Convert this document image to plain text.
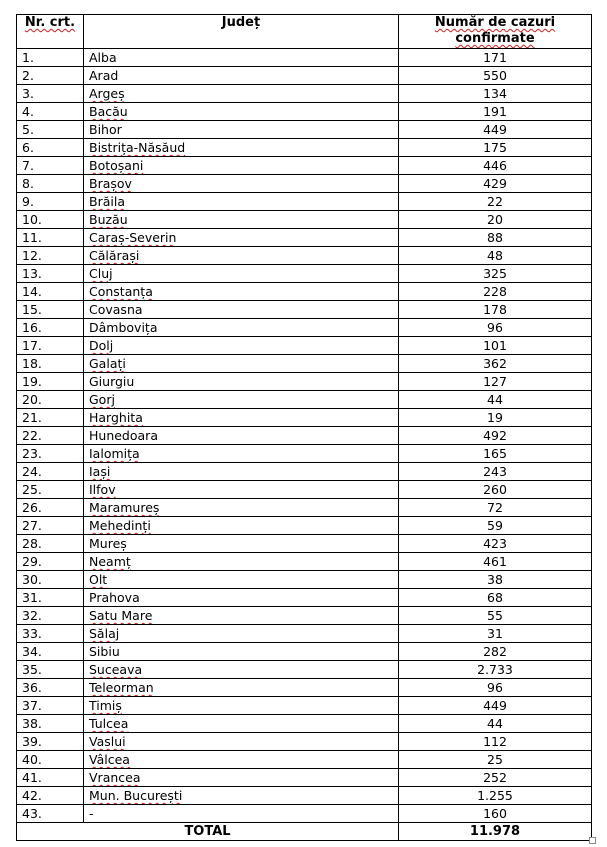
Nr. crt.	Județ	Număr de cazuri confirmate
1.	Alba	171
2.	Arad	550
3.	Argeș	134
4.	Bacău	191
5.	Bihor	449
6.	Bistrița-Năsăud	175
7.	Botoșani	446
8.	Brașov	429
9.	Brăila	22
10.	Buzău	20
11.	Caraș-Severin	88
12.	Călărași	48
13.	Cluj	325
14.	Constanța	228
15.	Covasna	178
16.	Dâmbovița	96
17.	Dolj	101
18.	Galați	362
19.	Giurgiu	127
20.	Gorj	44
21.	Harghita	19
22.	Hunedoara	492
23.	Ialomița	165
24.	Iași	243
25.	Ilfov	260
26.	Maramureș	72
27.	Mehedinți	59
28.	Mureș	423
29.	Neamț	461
30.	Olt	38
31.	Prahova	68
32.	Satu Mare	55
33.	Sălaj	31
34.	Sibiu	282
35.	Suceava	2.733
36.	Teleorman	96
37.	Timiș	449
38.	Tulcea	44
39.	Vaslui	112
40.	Vâlcea	25
41.	Vrancea	252
42.	Mun. București	1.255
43.	-	160
TOTAL		11.978
